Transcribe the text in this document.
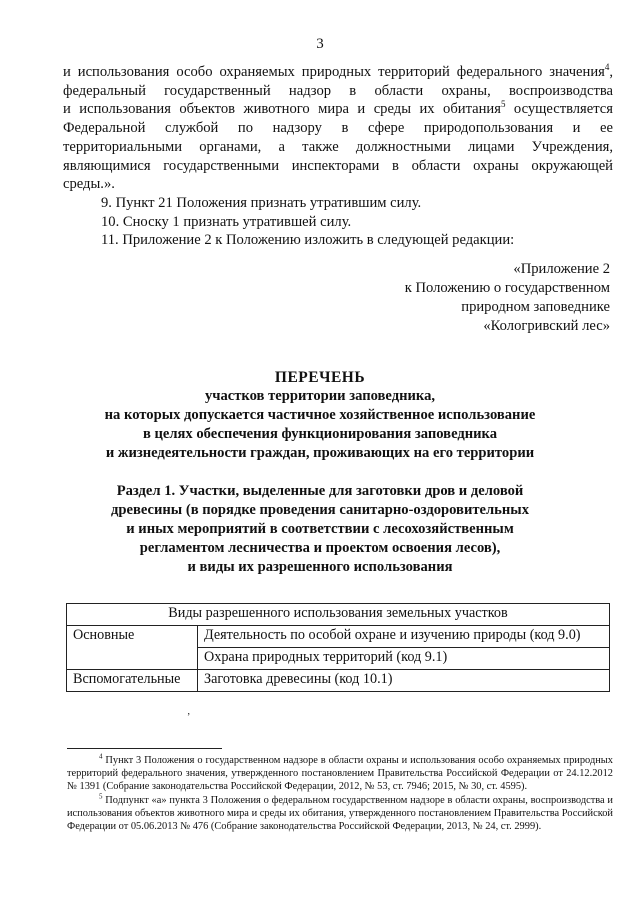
3

и использования особо охраняемых природных территорий федерального значения$^4$,

федеральный государственный надзор в области охраны, воспроизводства

и использования объектов животного мира и среды их обитания$^5$ осуществляется

Федеральной службой по надзору в сфере природопользования и ее

территориальными органами, а также должностными лицами Учреждения,

являющимися государственными инспекторами в области охраны окружающей

среды.».

9. Пункт 21 Положения признать утратившим силу.

10. Сноску 1 признать утратившей силу.

11. Приложение 2 к Положению изложить в следующей редакции:

«Приложение 2
к Положению о государственном
природном заповеднике
«Кологривский лес»
ПЕРЕЧЕНЬ
участков территории заповедника,
на которых допускается частичное хозяйственное использование
в целях обеспечения функционирования заповедника
и жизнедеятельности граждан, проживающих на его территории
Раздел 1. Участки, выделенные для заготовки дров и деловой
древесины (в порядке проведения санитарно-оздоровительных
и иных мероприятий в соответствии с лесохозяйственным
регламентом лесничества и проектом освоения лесов),
и виды их разрешенного использования
Виды разрешенного использования земельных участков	
Основные	Деятельность по особой охране и изучению природы (код 9.0)
	Охрана природных территорий (код 9.1)
Вспомогательные	Заготовка древесины (код 10.1)
ʼ

$^4$ Пункт 3 Положения о государственном надзоре в области охраны и использования особо охраняемых природных территорий федерального значения, утвержденного постановлением Правительства Российской Федерации от 24.12.2012 № 1391 (Собрание законодательства Российской Федерации, 2012, № 53, ст. 7946; 2015, № 30, ст. 4595).

$^5$ Подпункт «а» пункта 3 Положения о федеральном государственном надзоре в области охраны, воспроизводства и использования объектов животного мира и среды их обитания, утвержденного постановлением Правительства Российской Федерации от 05.06.2013 № 476 (Собрание законодательства Российской Федерации, 2013, № 24, ст. 2999).
